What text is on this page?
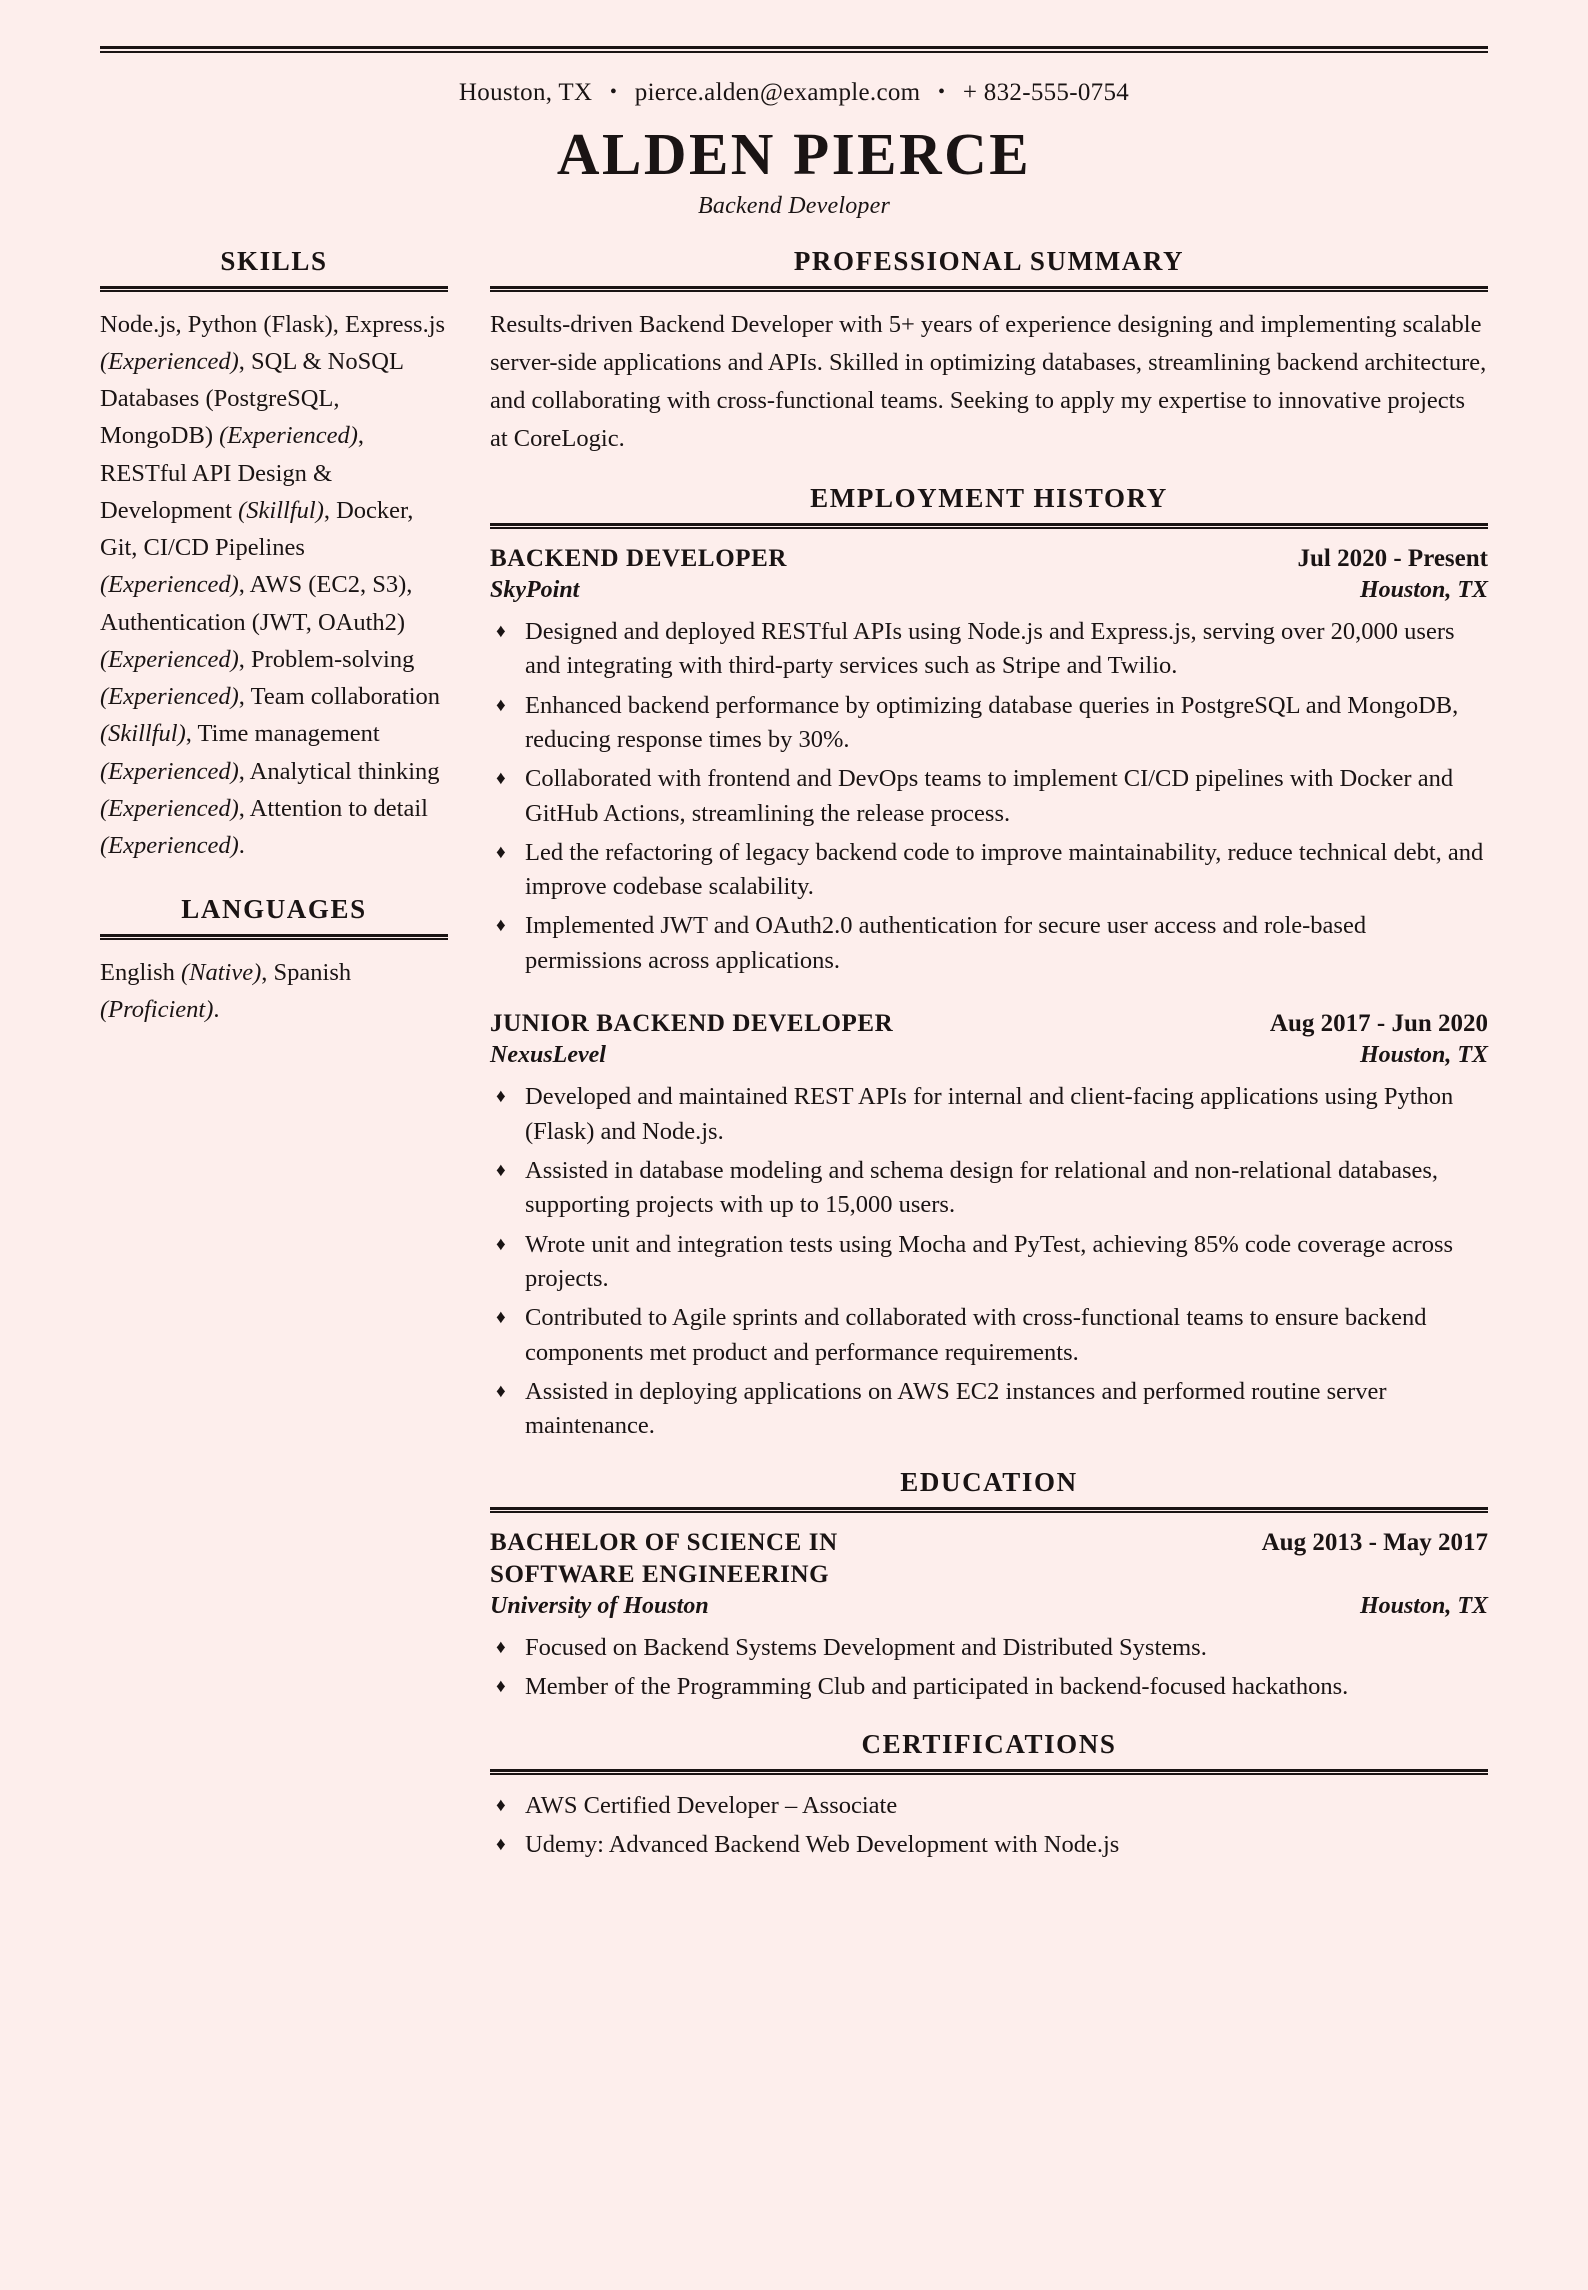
Houston, TX • pierce.alden@example.com • + 832-555-0754
ALDEN PIERCE
Backend Developer
SKILLS
Node.js, Python (Flask), Express.js (Experienced), SQL & NoSQL Databases (PostgreSQL, MongoDB) (Experienced), RESTful API Design & Development (Skillful), Docker, Git, CI/CD Pipelines (Experienced), AWS (EC2, S3), Authentication (JWT, OAuth2) (Experienced), Problem-solving (Experienced), Team collaboration (Skillful), Time management (Experienced), Analytical thinking (Experienced), Attention to detail (Experienced).
LANGUAGES
English (Native), Spanish (Proficient).
PROFESSIONAL SUMMARY
Results-driven Backend Developer with 5+ years of experience designing and implementing scalable server-side applications and APIs. Skilled in optimizing databases, streamlining backend architecture, and collaborating with cross-functional teams. Seeking to apply my expertise to innovative projects at CoreLogic.
EMPLOYMENT HISTORY
BACKEND DEVELOPER	Jul 2020 - Present
SkyPoint	Houston, TX
♦ Designed and deployed RESTful APIs using Node.js and Express.js, serving over 20,000 users and integrating with third-party services such as Stripe and Twilio.
♦ Enhanced backend performance by optimizing database queries in PostgreSQL and MongoDB, reducing response times by 30%.
♦ Collaborated with frontend and DevOps teams to implement CI/CD pipelines with Docker and GitHub Actions, streamlining the release process.
♦ Led the refactoring of legacy backend code to improve maintainability, reduce technical debt, and improve codebase scalability.
♦ Implemented JWT and OAuth2.0 authentication for secure user access and role-based permissions across applications.
JUNIOR BACKEND DEVELOPER	Aug 2017 - Jun 2020
NexusLevel	Houston, TX
♦ Developed and maintained REST APIs for internal and client-facing applications using Python (Flask) and Node.js.
♦ Assisted in database modeling and schema design for relational and non-relational databases, supporting projects with up to 15,000 users.
♦ Wrote unit and integration tests using Mocha and PyTest, achieving 85% code coverage across projects.
♦ Contributed to Agile sprints and collaborated with cross-functional teams to ensure backend components met product and performance requirements.
♦ Assisted in deploying applications on AWS EC2 instances and performed routine server maintenance.
EDUCATION
BACHELOR OF SCIENCE IN SOFTWARE ENGINEERING
Aug 2013 - May 2017
University of Houston	Houston, TX
♦ Focused on Backend Systems Development and Distributed Systems.
♦ Member of the Programming Club and participated in backend-focused hackathons.
CERTIFICATIONS
♦ AWS Certified Developer – Associate
♦ Udemy: Advanced Backend Web Development with Node.js
